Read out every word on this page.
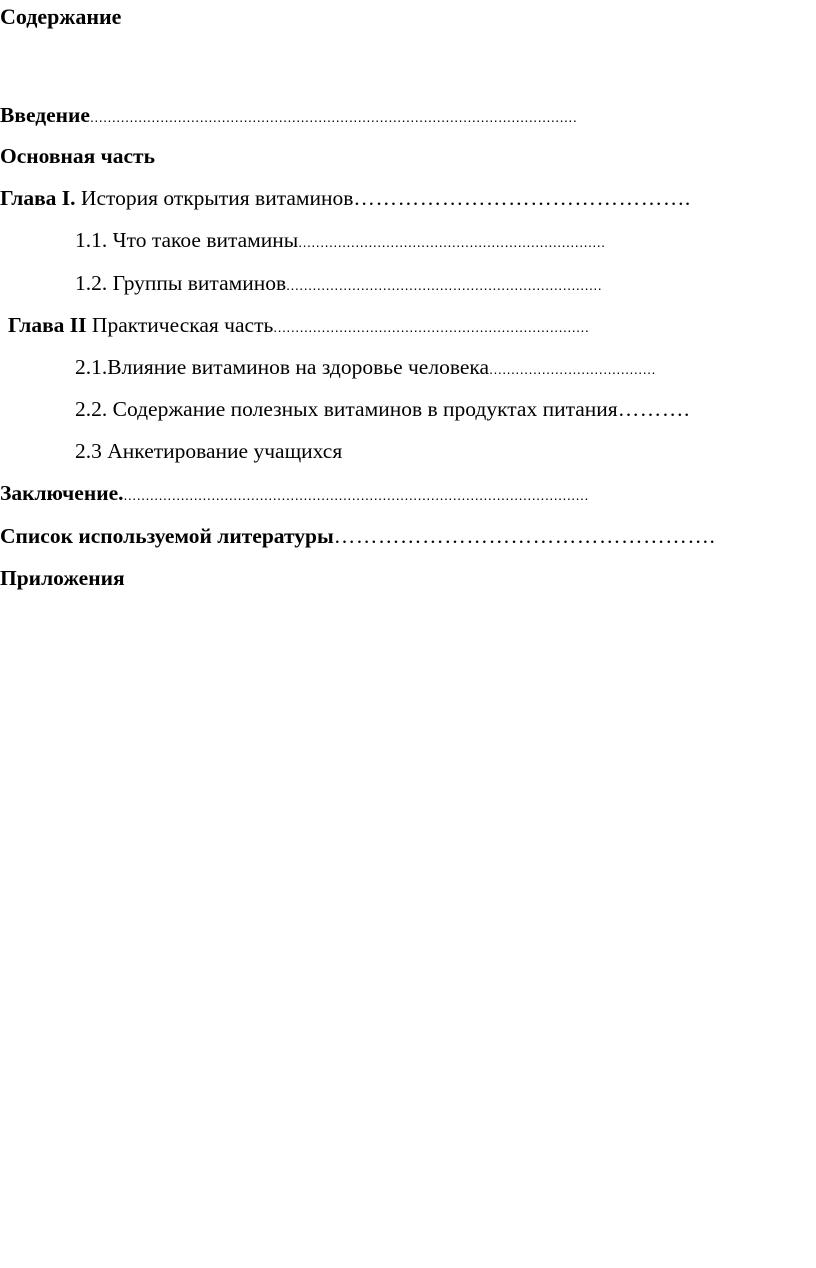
Содержание
Введение...............................................................................................................
Основная часть
Глава I. История открытия витаминов……………………………………….
1.1. Что такое витамины......................................................................
1.2. Группы витаминов........................................................................
Глава II Практическая часть........................................................................
2.1.Влияние витаминов на здоровье человека......................................
2.2. Содержание полезных витаминов в продуктах питания……….
2.3 Анкетирование учащихся
Заключение...........................................................................................................
Список используемой литературы…………………………………………….
Приложения
